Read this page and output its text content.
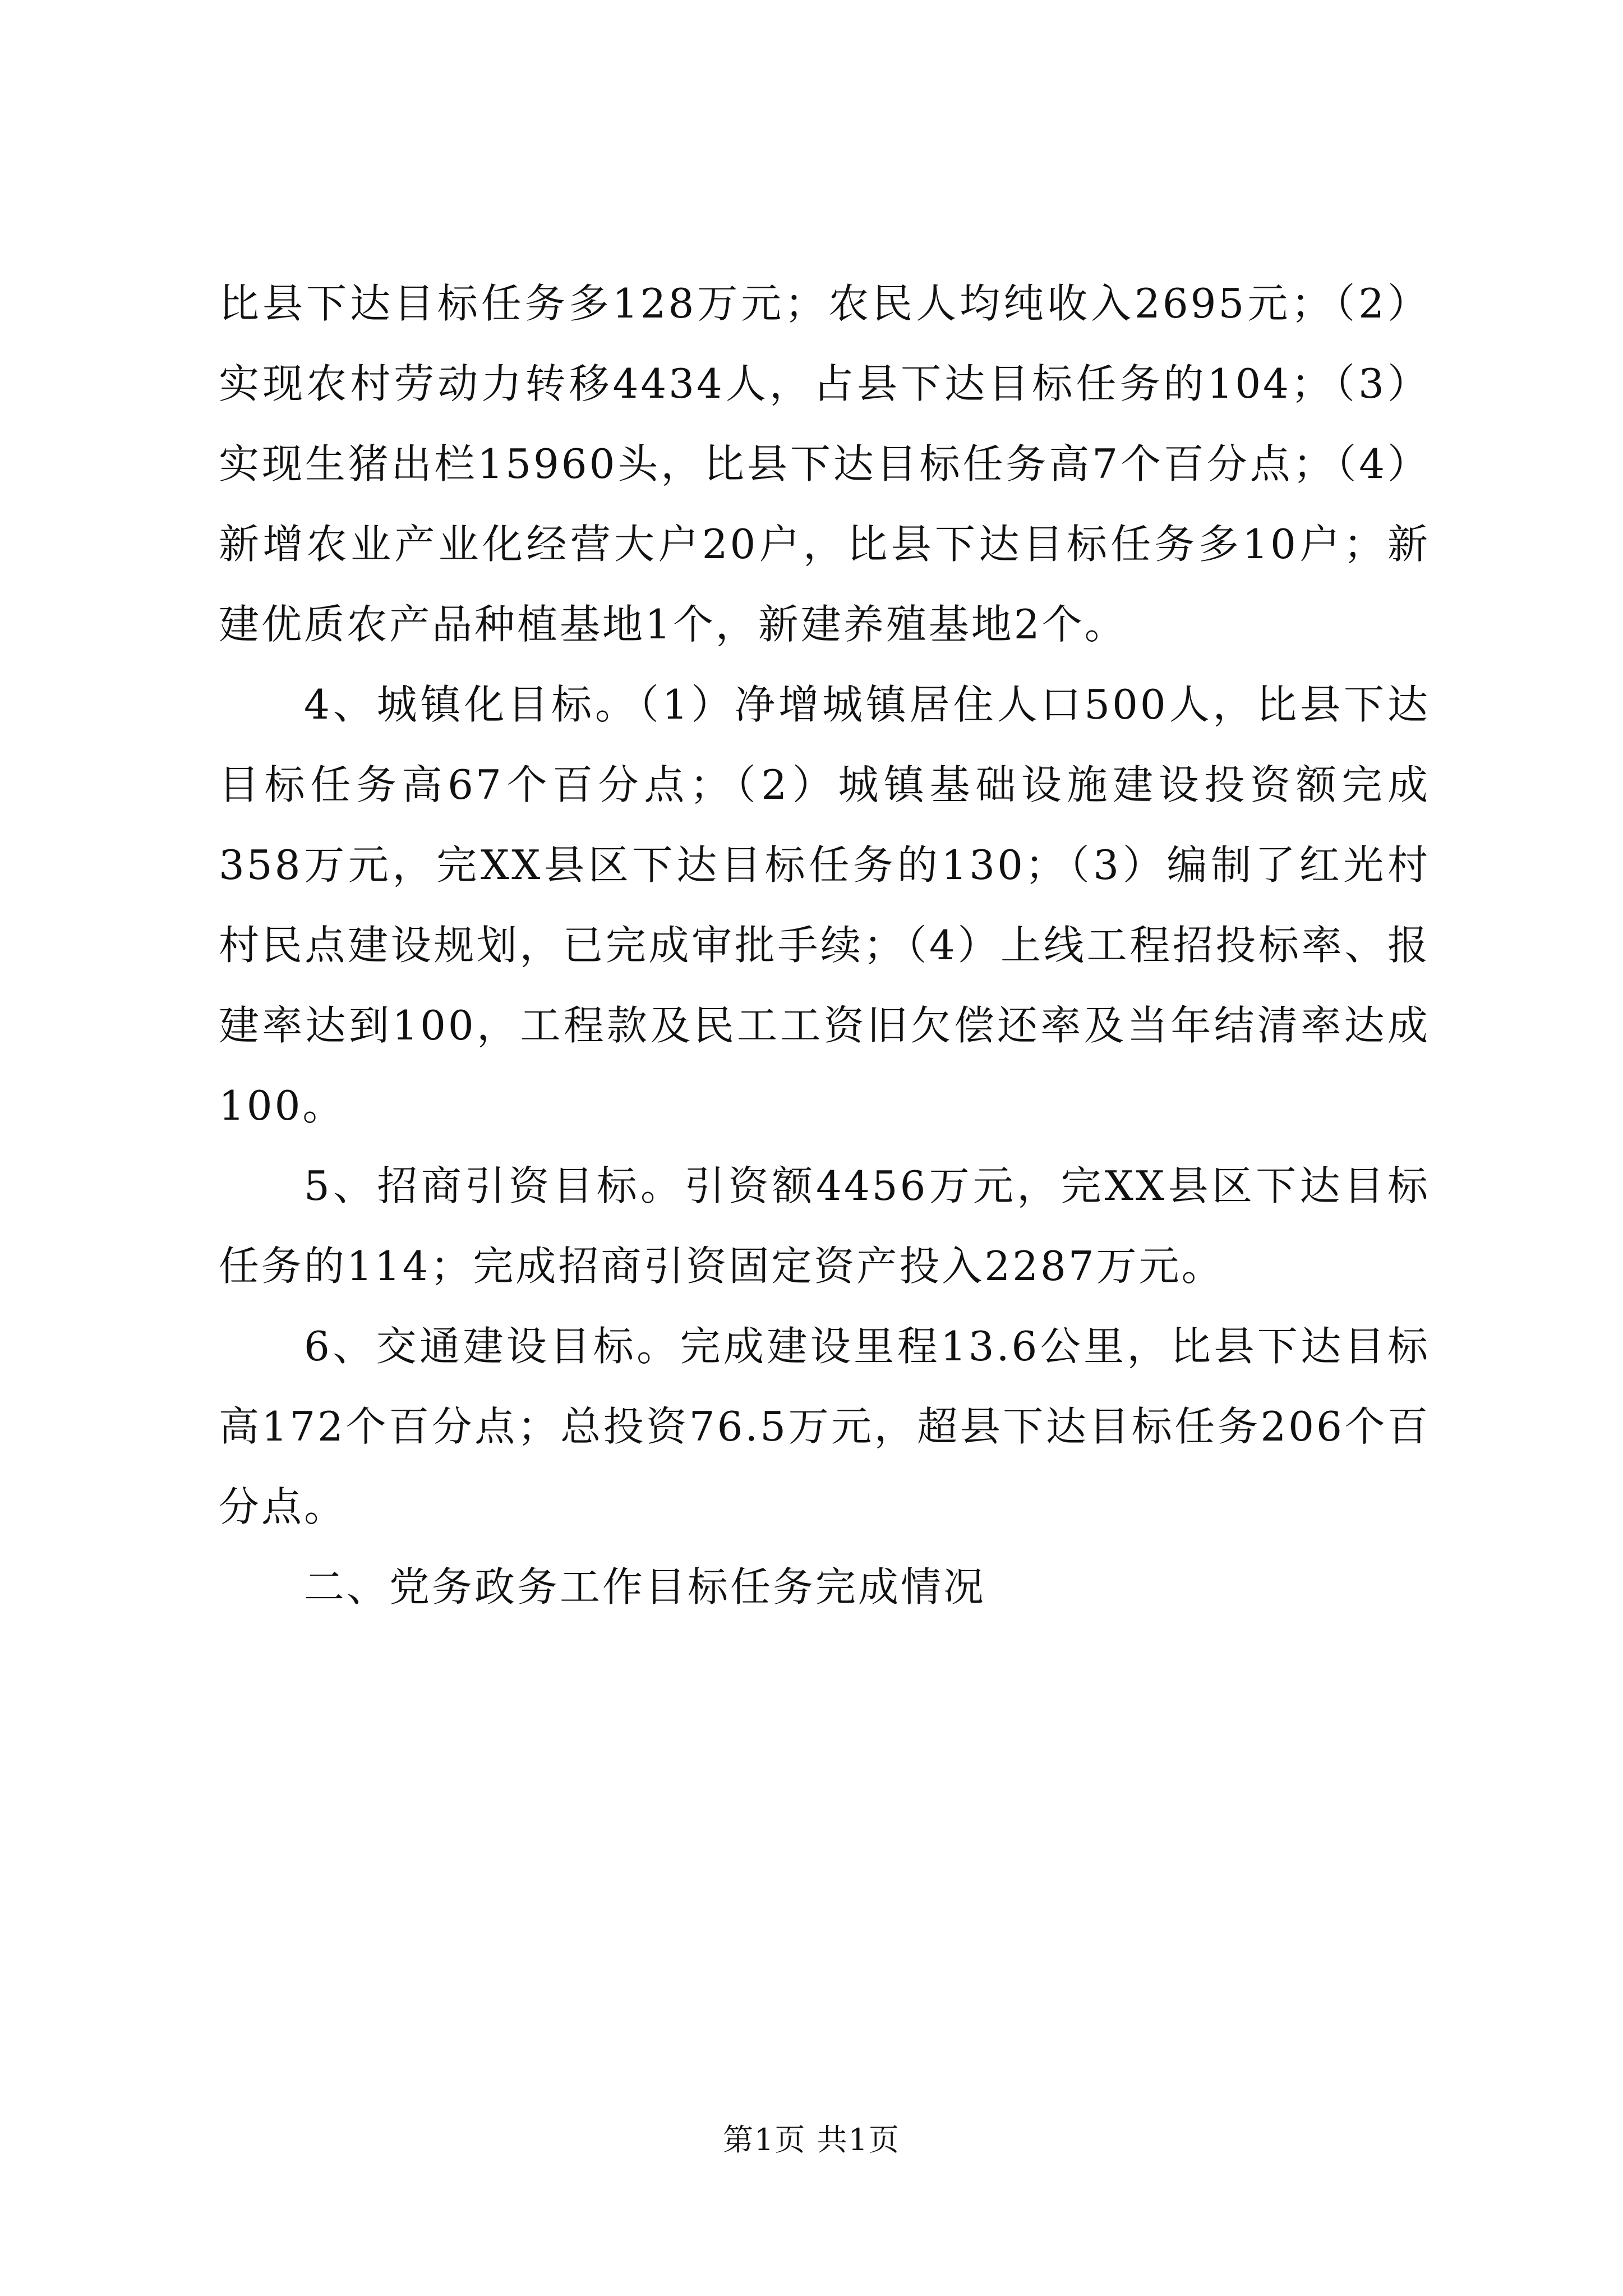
比县下达目标任务多128万元；农民人均纯收入2695元；（2）实现农村劳动力转移4434人，占县下达目标任务的104；（3）实现生猪出栏15960头，比县下达目标任务高7个百分点；（4）新增农业产业化经营大户20户，比县下达目标任务多10户；新建优质农产品种植基地1个，新建养殖基地2个。

4、城镇化目标。（1）净增城镇居住人口500人，比县下达目标任务高67个百分点；（2）城镇基础设施建设投资额完成358万元，完XX县区下达目标任务的130；（3）编制了红光村村民点建设规划，已完成审批手续；（4）上线工程招投标率、报建率达到100，工程款及民工工资旧欠偿还率及当年结清率达成100。

5、招商引资目标。引资额4456万元，完XX县区下达目标任务的114；完成招商引资固定资产投入2287万元。

6、交通建设目标。完成建设里程13.6公里，比县下达目标高172个百分点；总投资76.5万元，超县下达目标任务206个百分点。

二、党务政务工作目标任务完成情况

第1页 共1页
